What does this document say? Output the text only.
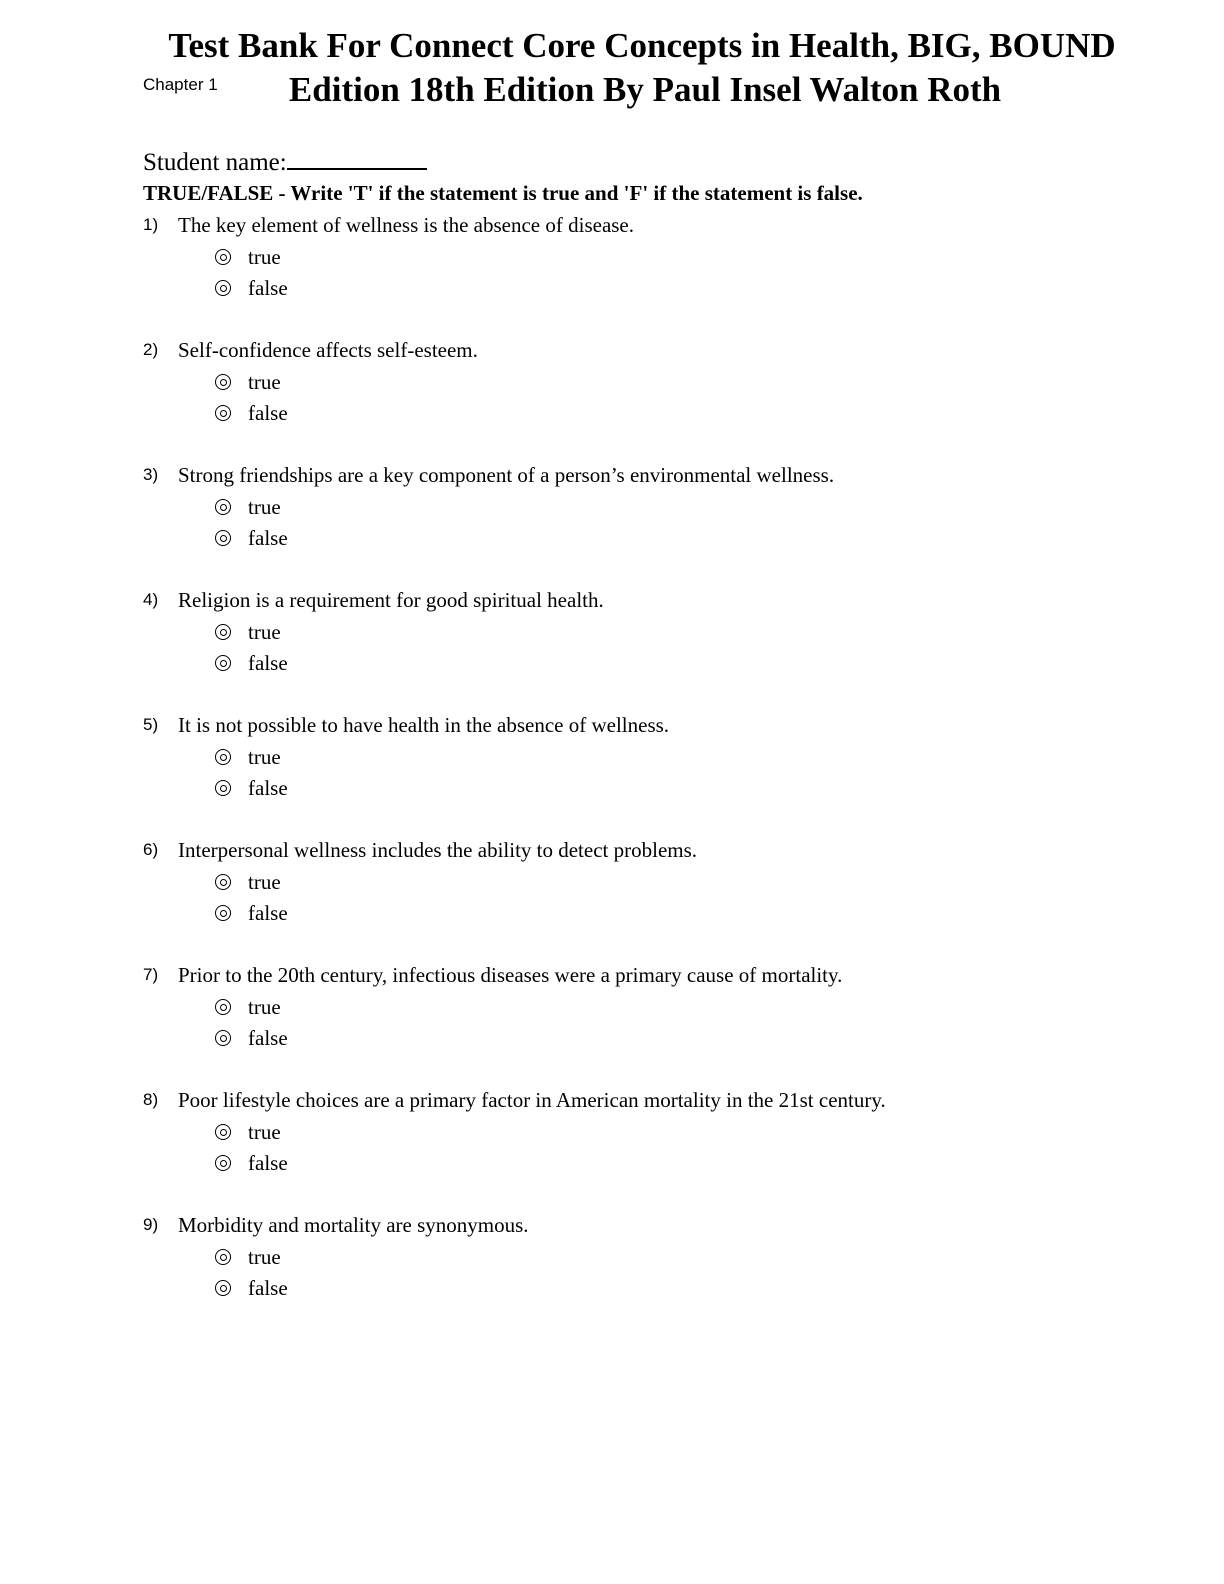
Test Bank For Connect Core Concepts in Health, BIG, BOUND
Chapter 1	Edition 18th Edition By Paul Insel Walton Roth
Student name:
TRUE/FALSE - Write 'T' if the statement is true and 'F' if the statement is false.
1) The key element of wellness is the absence of disease.
true
false
2) Self-confidence affects self-esteem.
true
false
3) Strong friendships are a key component of a person’s environmental wellness.
true
false
4) Religion is a requirement for good spiritual health.
true
false
5) It is not possible to have health in the absence of wellness.
true
false
6) Interpersonal wellness includes the ability to detect problems.
true
false
7) Prior to the 20th century, infectious diseases were a primary cause of mortality.
true
false
8) Poor lifestyle choices are a primary factor in American mortality in the 21st century.
true
false
9) Morbidity and mortality are synonymous.
true
false
